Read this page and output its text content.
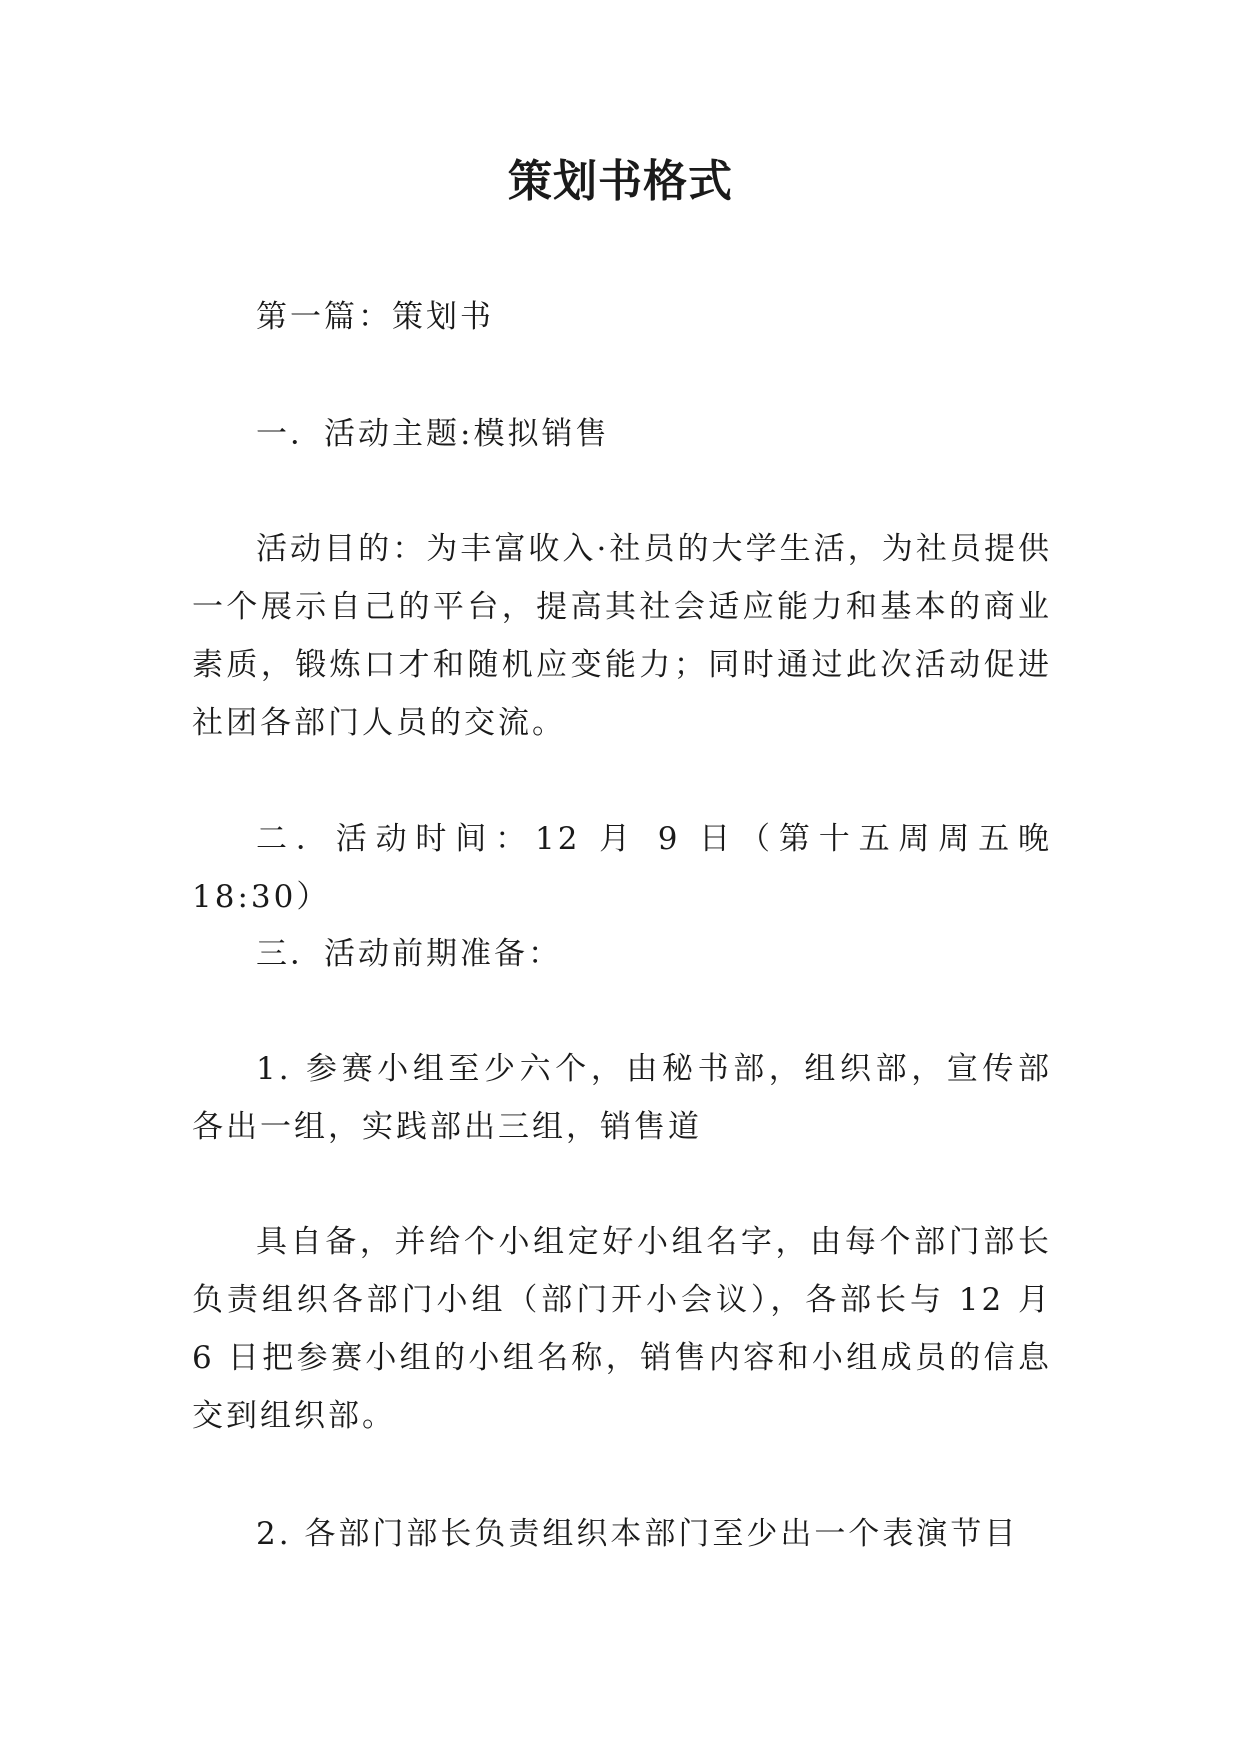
策划书格式
第一篇：策划书
一．活动主题:模拟销售
活动目的：为丰富收入·社员的大学生活，为社员提供一个展示自己的平台，提高其社会适应能力和基本的商业素质，锻炼口才和随机应变能力；同时通过此次活动促进社团各部门人员的交流。
二．活动时间：12 月 9 日（第十五周周五晚 18:30）
三．活动前期准备：
1. 参赛小组至少六个，由秘书部，组织部，宣传部各出一组，实践部出三组，销售道
具自备，并给个小组定好小组名字，由每个部门部长负责组织各部门小组（部门开小会议），各部长与 12 月 6 日把参赛小组的小组名称，销售内容和小组成员的信息交到组织部。
2. 各部门部长负责组织本部门至少出一个表演节目
